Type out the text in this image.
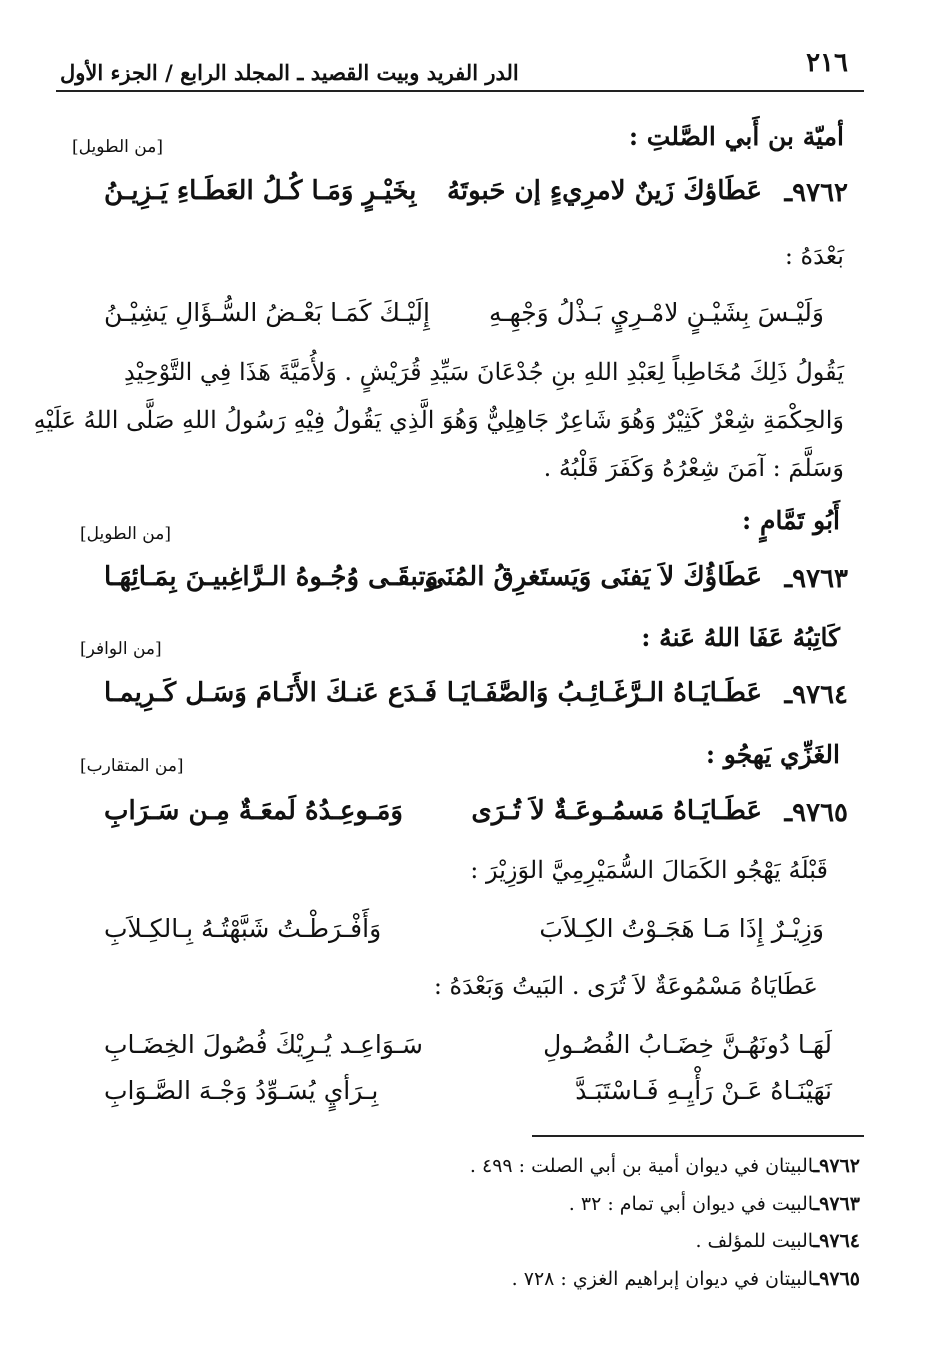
٢١٦
الدر الفريد وبيت القصيد ـ المجلد الرابع / الجزء الأول
أميّة بن أَبي الصَّلتِ :
[من الطويل]
٩٧٦٢ـ
عَطَاؤكَ زَينٌ لامرِيءٍ إن حَبوتَهُ
بِخَيْـرٍ وَمَـا كُـلُ العَطَـاءِ يَـزِيـنُ
بَعْدَهُ :
وَلَيْـسَ بِشَيْـنٍ لامْـرِيٍ بَـذْلُ وَجْهِـهِ
إِلَيْـكَ كَمَـا بَعْـضُ السُّـؤَالِ يَشِيْـنُ
يَقُولُ ذَلِكَ مُخَاطِباً لِعَبْدِ اللهِ بنِ جُدْعَانَ سَيِّدِ قُرَيْشٍ . وَلأُمَيَّةَ هَذَا فِي التَّوْحِيْدِ
وَالحِكْمَةِ شِعْرٌ كَثِيْرٌ وَهُوَ شَاعِرٌ جَاهِلِيٌّ وَهُوَ الَّذِي يَقُولُ فِيْهِ رَسُولُ اللهِ صَلَّى اللهُ عَلَيْهِ
وَسَلَّمَ : آمَنَ شِعْرُهُ وَكَفَرَ قَلْبُهُ .
أَبُو تَمَّامٍ :
[من الطويل]
٩٧٦٣ـ
عَطَاؤُكَ لاَ يَفنَى وَيَستَغرِقُ المُنَى
وَتبقَـى وُجُـوهُ الـرَّاغِبيـنَ بِمَـائِهَـا
كَاتِبُهُ عَفَا اللهُ عَنهُ :
[من الوافر]
٩٧٦٤ـ
عَطَـايَـاهُ الـرَّغَـائِـبُ وَالصَّفَـايَـا
فَـدَع عَنـكَ الأَنَـامَ وَسَـل كَـرِيمـا
الغَزِّي يَهجُو :
[من المتقارب]
٩٧٦٥ـ
عَطَـايَـاهُ مَسمُـوعَـةٌ لاَ تُـرَى
وَمَـوعِـدُهُ لَمعَـةٌ مِـن سَـرَابِ
قَبْلَهُ يَهْجُو الكَمَالَ السُّمَيْرِمِيَّ الوَزِيْرَ :
وَزِيْـرٌ إِذَا مَـا هَجَـوْتُ الكِـلاَبَ
وَأَفْـرَطْـتُ شَبَّهْتُـهُ بِـالكِـلاَبِ
عَطَايَاهُ مَسْمُوعَةٌ لاَ تُرَى . البَيتُ وَبَعْدَهُ :
لَهَـا دُونَهُـنَّ خِضَـابُ الفُصُـولِ
سَـوَاعِـد يُـرِيْكَ فُصُولَ الخِضَـابِ
نَهَيْنَـاهُ عَـنْ رَأْيِـهِ فَـاسْتَبَـدَّ
بِـرَأيٍ يُسَـوِّدُ وَجْـهَ الصَّـوَابِ
٩٧٦٢ـالبيتان في ديوان أمية بن أبي الصلت : ٤٩٩ .
٩٧٦٣ـالبيت في ديوان أبي تمام : ٣٢ .
٩٧٦٤ـالبيت للمؤلف .
٩٧٦٥ـالبيتان في ديوان إبراهيم الغزي : ٧٢٨ .
